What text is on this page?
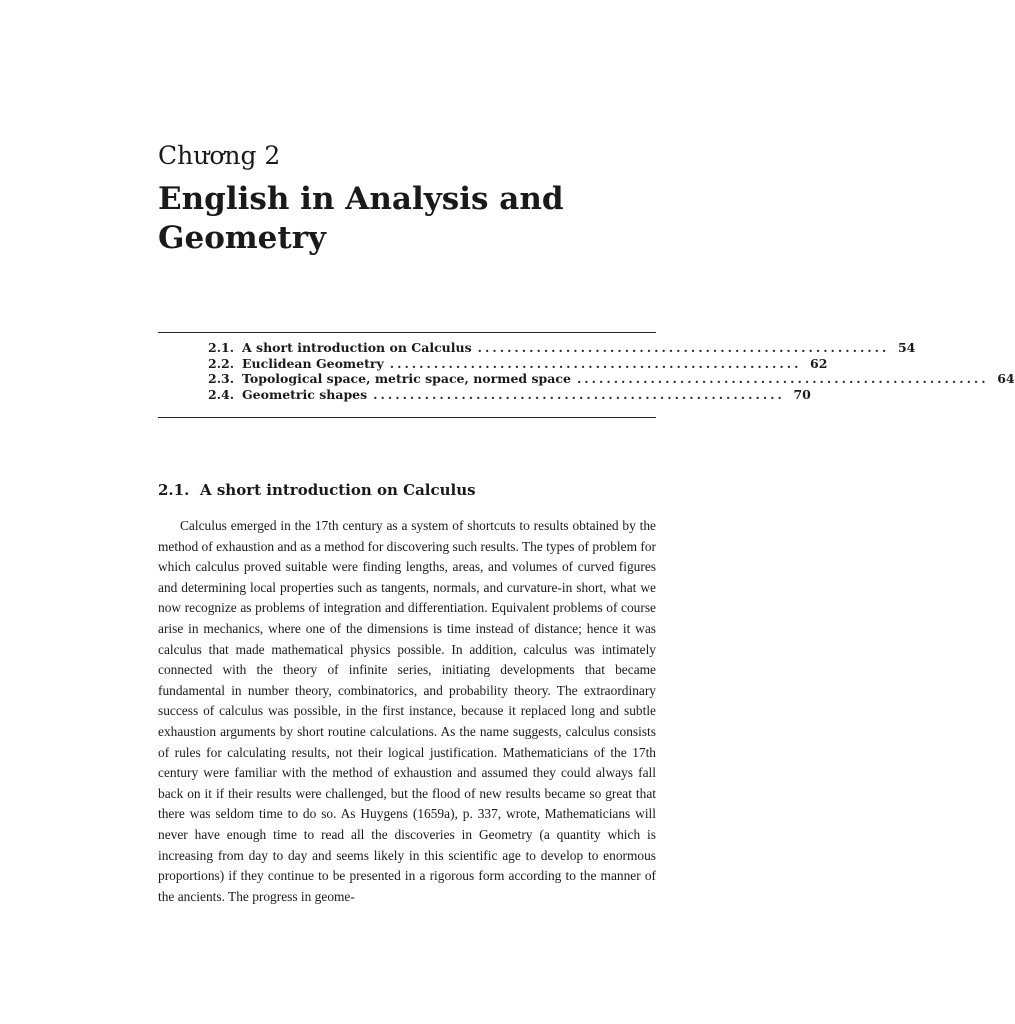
Chương 2
English in Analysis and Geometry
2.1. A short introduction on Calculus ........................................................ 54
2.2. Euclidean Geometry ........................................................ 62
2.3. Topological space, metric space, normed space ........................................................ 64
2.4. Geometric shapes ........................................................ 70
2.1. A short introduction on Calculus

Calculus emerged in the 17th century as a system of shortcuts to results obtained by the method of exhaustion and as a method for discovering such results. The types of problem for which calculus proved suitable were finding lengths, areas, and volumes of curved figures and determining local properties such as tangents, normals, and curvature-in short, what we now recognize as problems of integration and differentiation. Equivalent problems of course arise in mechanics, where one of the dimensions is time instead of distance; hence it was calculus that made mathematical physics possible. In addition, calculus was intimately connected with the theory of infinite series, initiating developments that became fundamental in number theory, combinatorics, and probability theory. The extraordinary success of calculus was possible, in the first instance, because it replaced long and subtle exhaustion arguments by short routine calculations. As the name suggests, calculus consists of rules for calculating results, not their logical justification. Mathematicians of the 17th century were familiar with the method of exhaustion and assumed they could always fall back on it if their results were challenged, but the flood of new results became so great that there was seldom time to do so. As Huygens (1659a), p. 337, wrote, Mathematicians will never have enough time to read all the discoveries in Geometry (a quantity which is increasing from day to day and seems likely in this scientific age to develop to enormous proportions) if they continue to be presented in a rigorous form according to the manner of the ancients. The progress in geome-
